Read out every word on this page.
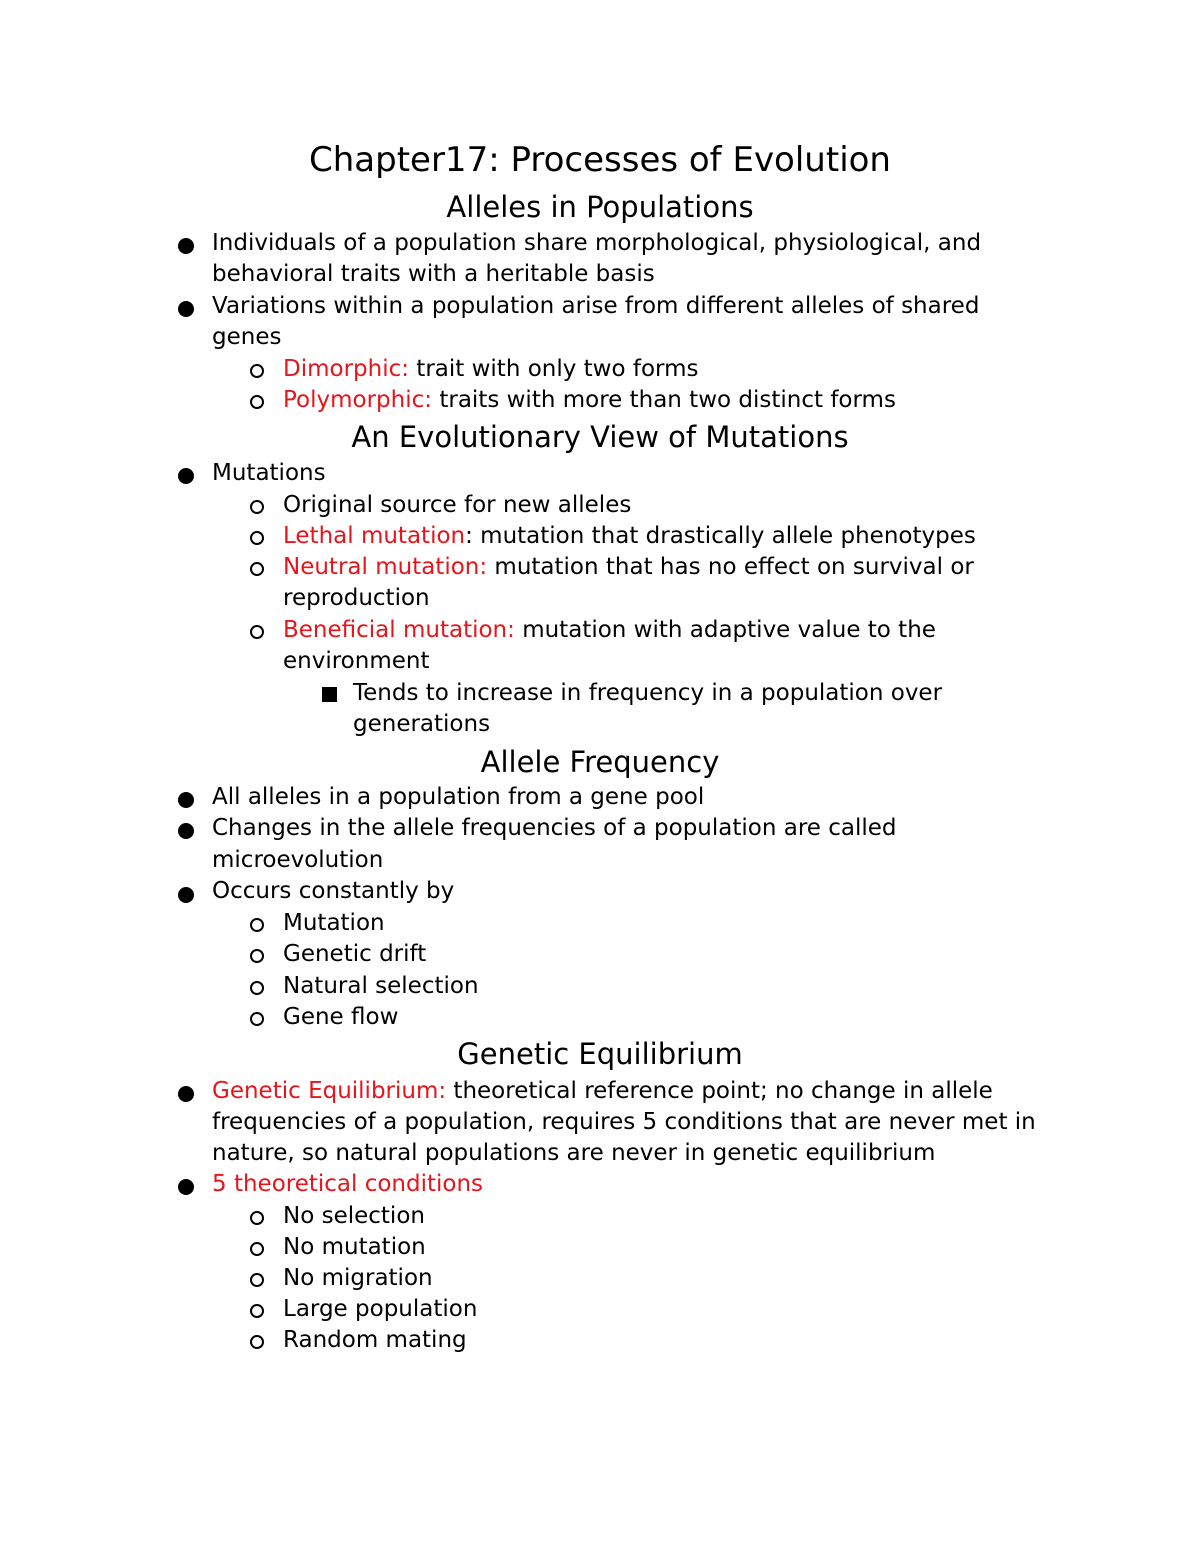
Chapter17: Processes of Evolution
Alleles in Populations
Individuals of a population share morphological, physiological, and
behavioral traits with a heritable basis
Variations within a population arise from different alleles of shared
genes
Dimorphic: trait with only two forms
Polymorphic: traits with more than two distinct forms
An Evolutionary View of Mutations
Mutations
Original source for new alleles
Lethal mutation: mutation that drastically allele phenotypes
Neutral mutation: mutation that has no effect on survival or
reproduction
Beneficial mutation: mutation with adaptive value to the
environment
Tends to increase in frequency in a population over
generations
Allele Frequency
All alleles in a population from a gene pool
Changes in the allele frequencies of a population are called
microevolution
Occurs constantly by
Mutation
Genetic drift
Natural selection
Gene flow
Genetic Equilibrium
Genetic Equilibrium: theoretical reference point; no change in allele
frequencies of a population, requires 5 conditions that are never met in
nature, so natural populations are never in genetic equilibrium
5 theoretical conditions
No selection
No mutation
No migration
Large population
Random mating
